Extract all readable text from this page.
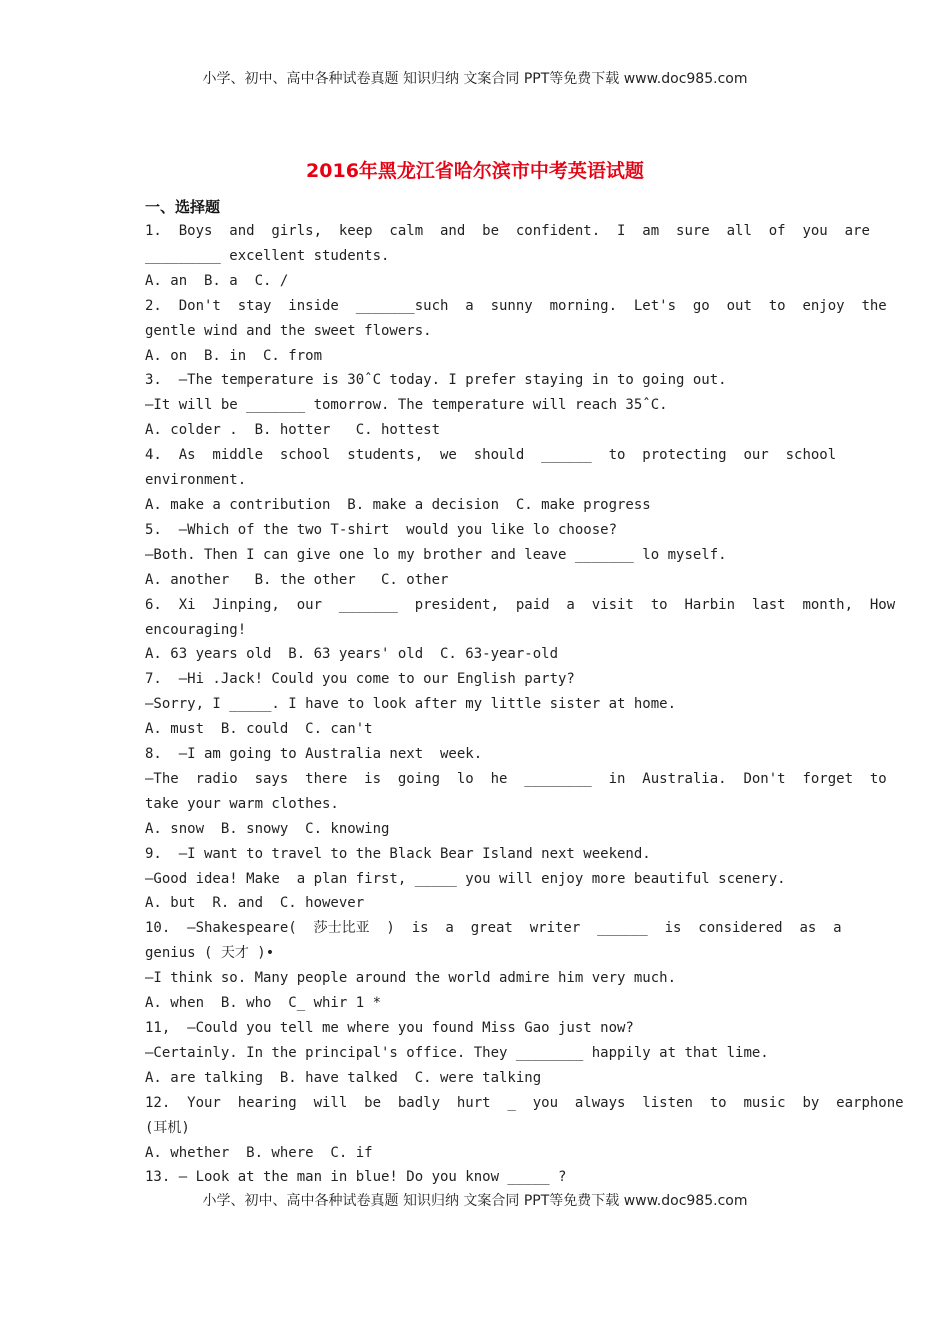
小学、初中、高中各种试卷真题 知识归纳 文案合同 PPT等免费下载 www.doc985.com
2016年黑龙江省哈尔滨市中考英语试题
一、选择题
1.  Boys  and  girls,  keep  calm  and  be  confident.  I  am  sure  all  of  you  are
_________ excellent students.
A. an  B. a  C. /
2.  Don't  stay  inside  _______such  a  sunny  morning.  Let's  go  out  to  enjoy  the
gentle wind and the sweet flowers.
A. on  B. in  C. from
3.  —The temperature is 30ˆC today. I prefer staying in to going out.
—It will be _______ tomorrow. The temperature will reach 35ˆC.
A. colder .  B. hotter   C. hottest
4.  As  middle  school  students,  we  should  ______  to  protecting  our  school
environment.
A. make a contribution  B. make a decision  C. make progress
5.  —Which of the two T-shirt  would you like lo choose?
—Both. Then I can give one lo my brother and leave _______ lo myself.
A. another   B. the other   C. other
6.  Xi  Jinping,  our  _______  president,  paid  a  visit  to  Harbin  last  month,  How
encouraging!
A. 63 years old  B. 63 years' old  C. 63-year-old
7.  —Hi .Jack! Could you come to our English party?
—Sorry, I _____. I have to look after my little sister at home.
A. must  B. could  C. can't
8.  —I am going to Australia next  week.
—The  radio  says  there  is  going  lo  he  ________  in  Australia.  Don't  forget  to
take your warm clothes.
A. snow  B. snowy  C. knowing
9.  —I want to travel to the Black Bear Island next weekend.
—Good idea! Make  a plan first, _____ you will enjoy more beautiful scenery.
A. but  R. and  C. however
10.  —Shakespeare(  莎士比亚  )  is  a  great  writer  ______  is  considered  as  a
genius ( 天才 )•
—I think so. Many people around the world admire him very much.
A. when  B. who  C_ whir 1 *
11,  —Could you tell me where you found Miss Gao just now?
—Certainly. In the principal's office. They ________ happily at that lime.
A. are talking  B. have talked  C. were talking
12.  Your  hearing  will  be  badly  hurt  _  you  always  listen  to  music  by  earphone
(耳机)
A. whether  B. where  C. if
13. — Look at the man in blue! Do you know _____ ?
小学、初中、高中各种试卷真题 知识归纳 文案合同 PPT等免费下载 www.doc985.com
